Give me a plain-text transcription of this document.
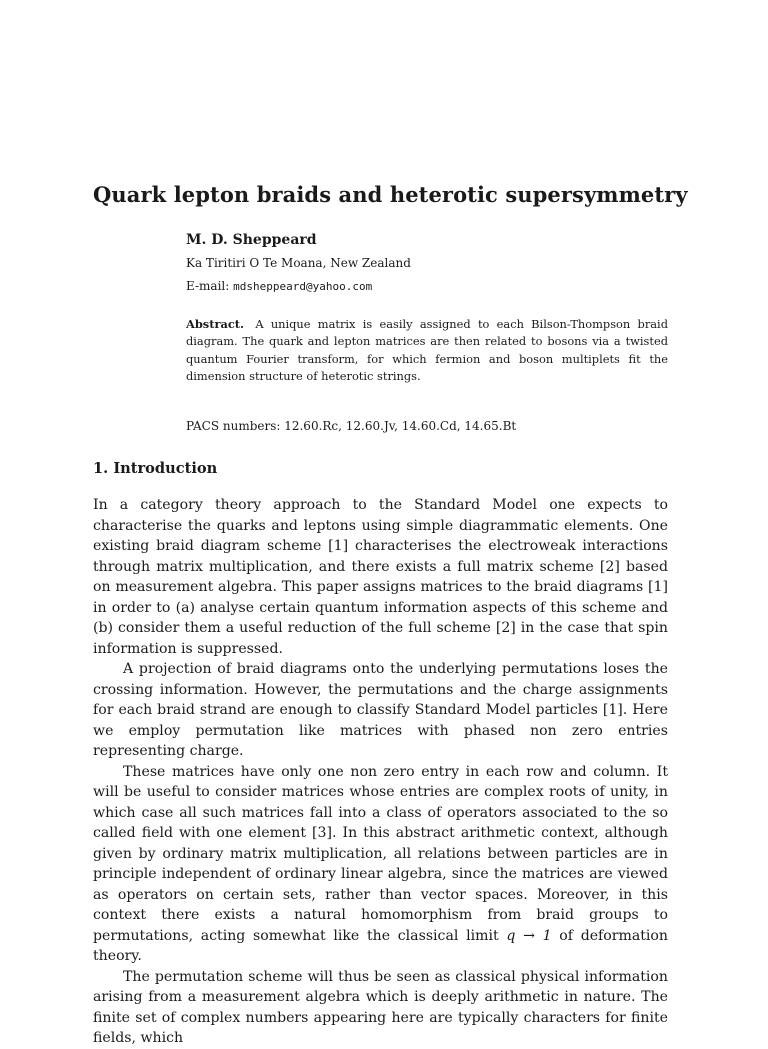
Quark lepton braids and heterotic supersymmetry
M. D. Sheppeard
Ka Tiritiri O Te Moana, New Zealand
E-mail: mdsheppeard@yahoo.com
Abstract. A unique matrix is easily assigned to each Bilson-Thompson braid diagram. The quark and lepton matrices are then related to bosons via a twisted quantum Fourier transform, for which fermion and boson multiplets fit the dimension structure of heterotic strings.
PACS numbers: 12.60.Rc, 12.60.Jv, 14.60.Cd, 14.65.Bt
1. Introduction

In a category theory approach to the Standard Model one expects to characterise the quarks and leptons using simple diagrammatic elements. One existing braid diagram scheme [1] characterises the electroweak interactions through matrix multiplication, and there exists a full matrix scheme [2] based on measurement algebra. This paper assigns matrices to the braid diagrams [1] in order to (a) analyse certain quantum information aspects of this scheme and (b) consider them a useful reduction of the full scheme [2] in the case that spin information is suppressed.

A projection of braid diagrams onto the underlying permutations loses the crossing information. However, the permutations and the charge assignments for each braid strand are enough to classify Standard Model particles [1]. Here we employ permutation like matrices with phased non zero entries representing charge.

These matrices have only one non zero entry in each row and column. It will be useful to consider matrices whose entries are complex roots of unity, in which case all such matrices fall into a class of operators associated to the so called field with one element [3]. In this abstract arithmetic context, although given by ordinary matrix multiplication, all relations between particles are in principle independent of ordinary linear algebra, since the matrices are viewed as operators on certain sets, rather than vector spaces. Moreover, in this context there exists a natural homomorphism from braid groups to permutations, acting somewhat like the classical limit q → 1 of deformation theory.

The permutation scheme will thus be seen as classical physical information arising from a measurement algebra which is deeply arithmetic in nature. The finite set of complex numbers appearing here are typically characters for finite fields, which
